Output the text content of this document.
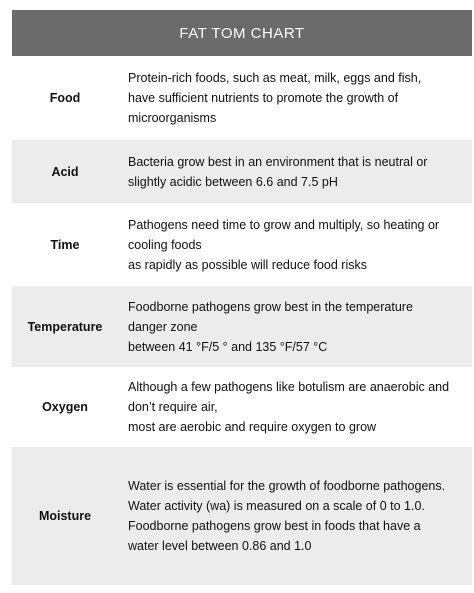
FAT TOM CHART
Food
Protein-rich foods, such as meat, milk, eggs and fish,
have sufficient nutrients to promote the growth of
microorganisms
Acid
Bacteria grow best in an environment that is neutral or
slightly acidic between 6.6 and 7.5 pH
Time
Pathogens need time to grow and multiply, so heating or
cooling foods
as rapidly as possible will reduce food risks
Temperature
Foodborne pathogens grow best in the temperature
danger zone
between 41 °F/5 ° and 135 °F/57 °C
Oxygen
Although a few pathogens like botulism are anaerobic and
don’t require air,
most are aerobic and require oxygen to grow
Moisture
Water is essential for the growth of foodborne pathogens.
Water activity (wa) is measured on a scale of 0 to 1.0.
Foodborne pathogens grow best in foods that have a
water level between 0.86 and 1.0
